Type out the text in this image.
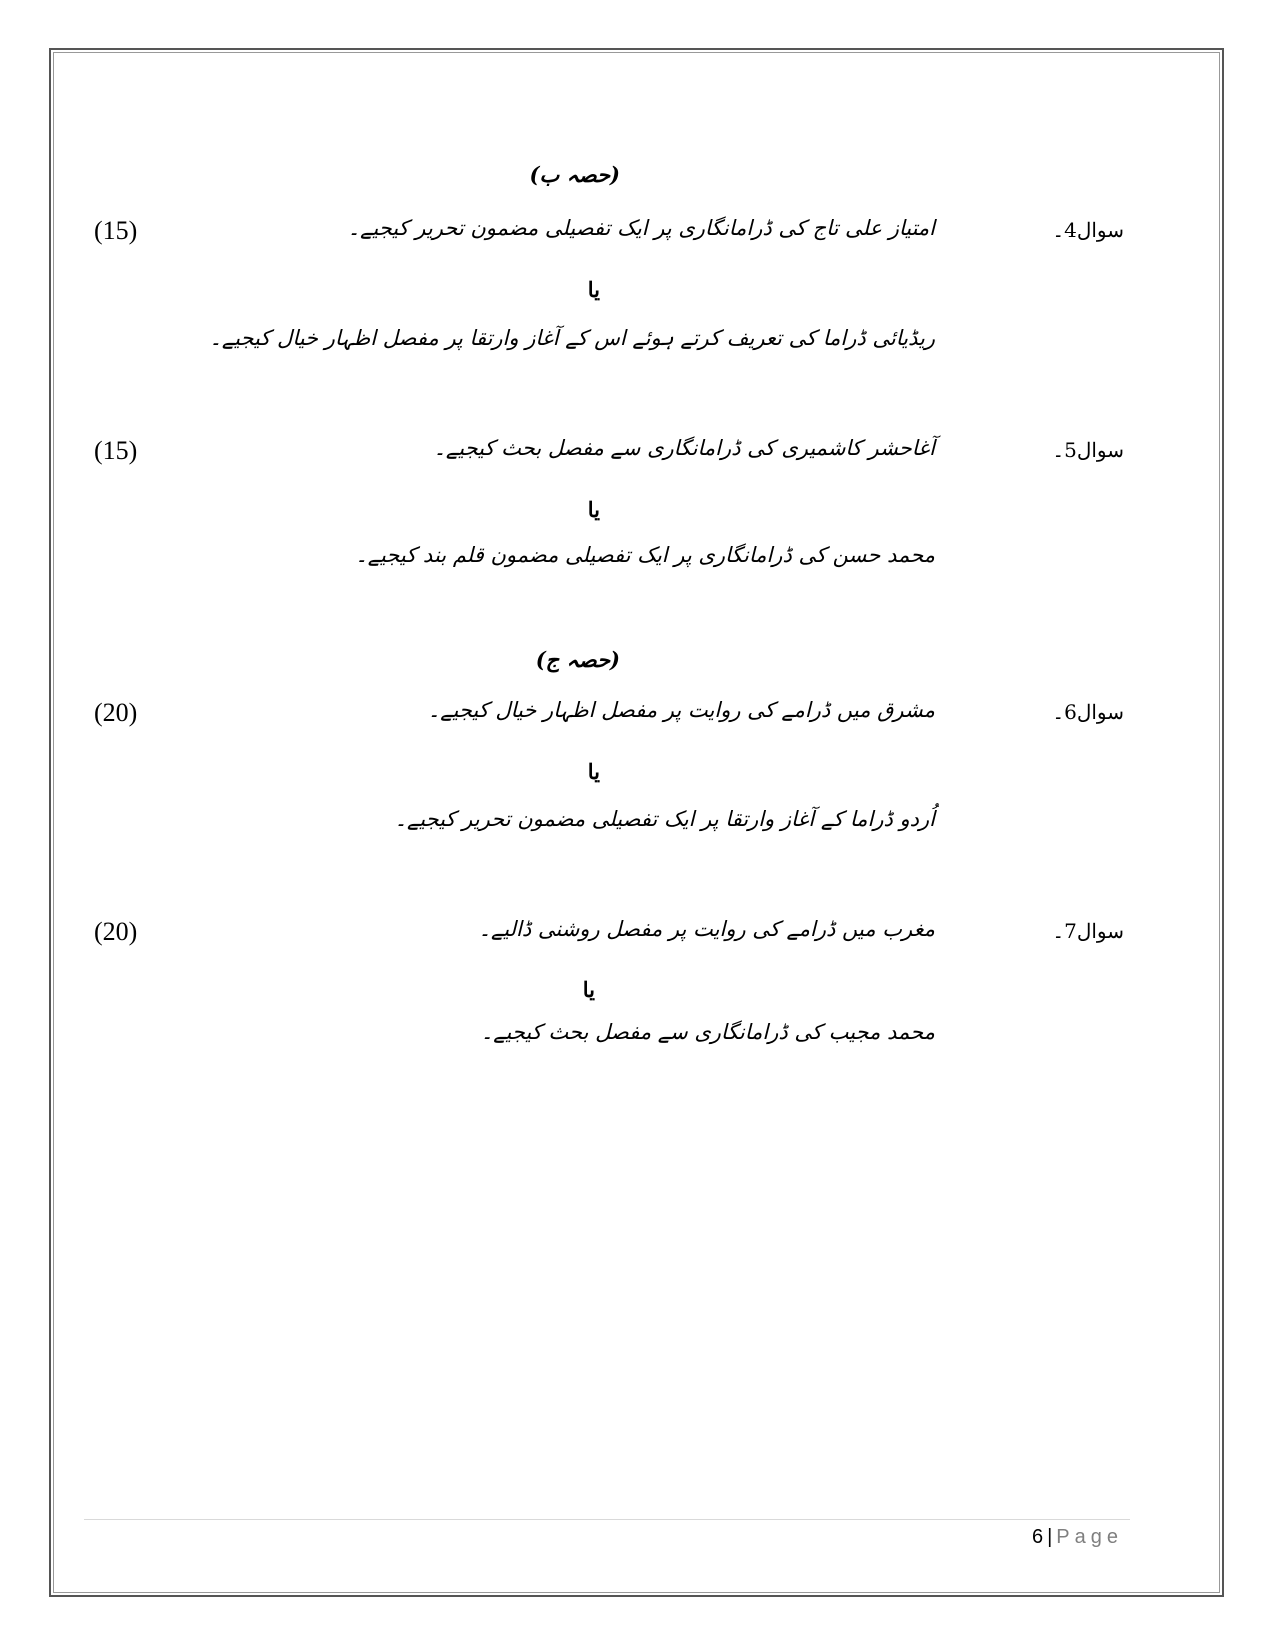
(حصہ ب)
سوال4۔
امتیاز علی تاج کی ڈرامانگاری پر ایک تفصیلی مضمون تحریر کیجیے۔
(15)
یا
ریڈیائی ڈراما کی تعریف کرتے ہوئے اس کے آغاز وارتقا پر مفصل اظہار خیال کیجیے۔
سوال5۔
آغاحشر کاشمیری کی ڈرامانگاری سے مفصل بحث کیجیے۔
(15)
یا
محمد حسن کی ڈرامانگاری پر ایک تفصیلی مضمون قلم بند کیجیے۔
(حصہ ج)
سوال6۔
مشرق میں ڈرامے کی روایت پر مفصل اظہار خیال کیجیے۔
(20)
یا
اُردو ڈراما کے آغاز وارتقا پر ایک تفصیلی مضمون تحریر کیجیے۔
سوال7۔
مغرب میں ڈرامے کی روایت پر مفصل روشنی ڈالیے۔
(20)
یا
محمد مجیب کی ڈرامانگاری سے مفصل بحث کیجیے۔
6 | Page
